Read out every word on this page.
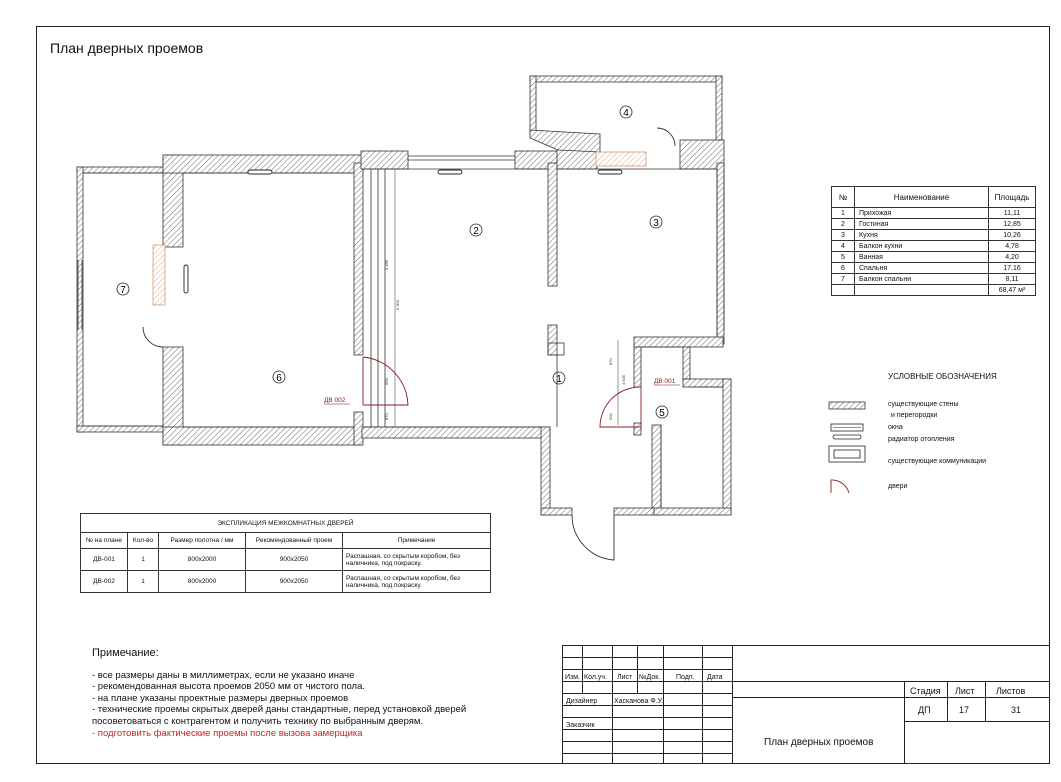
План дверных проемов
1
2
3
4
5
6
7
ДВ 001
ДВ 002
3 480
5 000
900
870
870
4 645
900
№	Наименование	Площадь
1	Прихожая	11,11
2	Гостиная	12,85
3	Кухня	10,26
4	Балкон кухни	4,78
5	Ванная	4,20
6	Спальня	17,16
7	Балкон спальни	8,11
		68,47 м²
УСЛОВНЫЕ ОБОЗНАЧЕНИЯ
существующие стены
и перегородки
окна
радиатор отопления
существующие коммуникации
двери
ЭКСПЛИКАЦИЯ МЕЖКОМНАТНЫХ ДВЕРЕЙ				
№ на плане	Кол-во	Размер полотна / мм	Рекомендованный проем	Примечание
ДВ-001	1	800x2000	900x2050	Распашная, со скрытым коробом, без наличника, под покраску.
ДВ-002	1	800x2000	900x2050	Распашная, со скрытым коробом, без наличника, под покраску.
Примечание:
- все размеры даны в миллиметрах, если не указано иначе
- рекомендованная высота проемов 2050 мм от чистого пола.
- на плане указаны проектные размеры дверных проемов
- технические проемы скрытых дверей даны стандартные, перед установкой дверей
посоветоваться с контрагентом и получить технику по выбранным дверям.
- подготовить фактические проемы после вызова замерщика
Изм. Кол.уч. Лист №Док. Подп. Дата
Дизайнер Хасканова Ф.У.
Заказчик
Стадия Лист Листов
ДП	17	31
План дверных проемов
